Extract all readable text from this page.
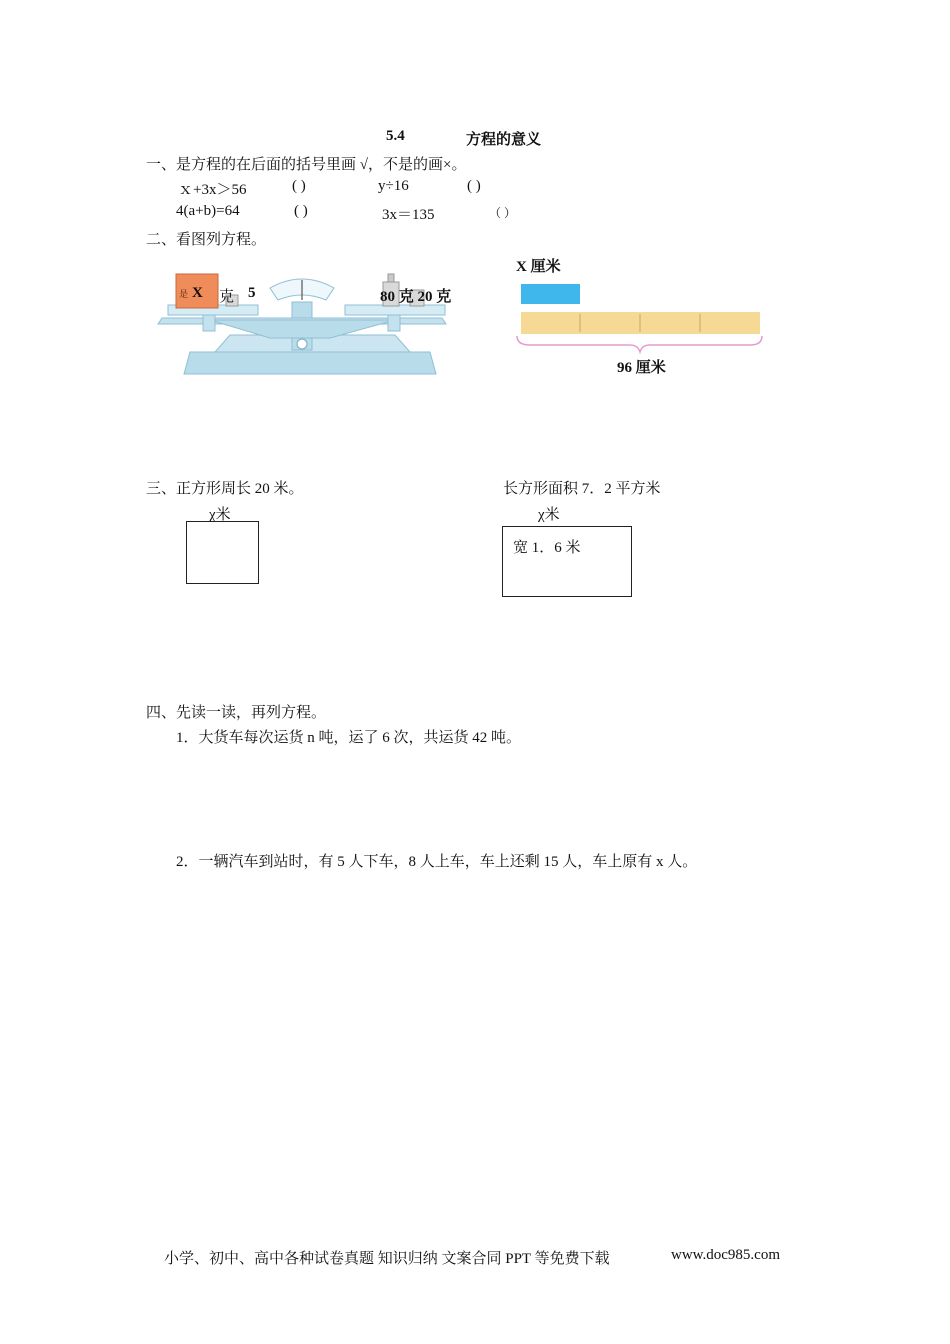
5.4	方程的意义
一、是方程的在后面的括号里画 √，不是的画×。
ｘ+3x＞56	( )	y÷16	( )
4(a+b)=64	( )	3x＝135	（ ）
二、看图列方程。
是 X 克 5	80 克 20 克
X 厘米
96 厘米
三、正方形周长 20 米。
χ米
长方形面积 7．2 平方米
χ米
宽 1．6 米
四、先读一读，再列方程。
1．大货车每次运货 n 吨，运了 6 次，共运货 42 吨。
2．一辆汽车到站时，有 5 人下车，8 人上车，车上还剩 15 人，车上原有 x 人。
小学、初中、高中各种试卷真题 知识归纳 文案合同 PPT 等免费下载	www.doc985.com
